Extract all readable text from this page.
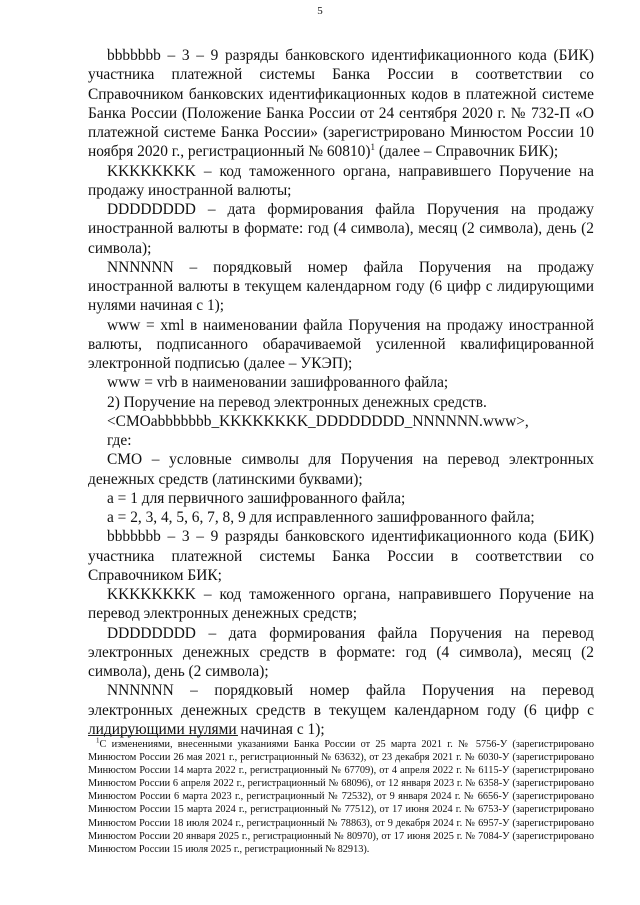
5

bbbbbbb – 3 – 9 разряды банковского идентификационного кода (БИК) участника платежной системы Банка России в соответствии со Справочником банковских идентификационных кодов в платежной системе Банка России (Положение Банка России от 24 сентября 2020 г. № 732-П «О платежной системе Банка России» (зарегистрировано Минюстом России 10 ноября 2020 г., регистрационный № 60810)$^1$ (далее – Справочник БИК);

KKKKKKKK – код таможенного органа, направившего Поручение на продажу иностранной валюты;

DDDDDDDD – дата формирования файла Поручения на продажу иностранной валюты в формате: год (4 символа), месяц (2 символа), день (2 символа);

NNNNNN – порядковый номер файла Поручения на продажу иностранной валюты в текущем календарном году (6 цифр с лидирующими нулями начиная с 1);

www = xml в наименовании файла Поручения на продажу иностранной валюты, подписанного обарачиваемой усиленной квалифицированной электронной подписью (далее – УКЭП);

www = vrb в наименовании зашифрованного файла;

2) Поручение на перевод электронных денежных средств.

<CMOabbbbbbb_KKKKKKKK_DDDDDDDD_NNNNNN.www>,

где:

CMO – условные символы для Поручения на перевод электронных денежных средств (латинскими буквами);

a = 1 для первичного зашифрованного файла;

a = 2, 3, 4, 5, 6, 7, 8, 9 для исправленного зашифрованного файла;

bbbbbbb – 3 – 9 разряды банковского идентификационного кода (БИК) участника платежной системы Банка России в соответствии со Справочником БИК;

KKKKKKKK – код таможенного органа, направившего Поручение на перевод электронных денежных средств;

DDDDDDDD – дата формирования файла Поручения на перевод электронных денежных средств в формате: год (4 символа), месяц (2 символа), день (2 символа);

NNNNNN – порядковый номер файла Поручения на перевод электронных денежных средств в текущем календарном году (6 цифр с лидирующими нулями начиная с 1);

$^1$С изменениями, внесенными указаниями Банка России от 25 марта 2021 г. № 5756-У (зарегистрировано Минюстом России 26 мая 2021 г., регистрационный № 63632), от 23 декабря 2021 г. № 6030-У (зарегистрировано Минюстом России 14 марта 2022 г., регистрационный № 67709), от 4 апреля 2022 г. № 6115-У (зарегистрировано Минюстом России 6 апреля 2022 г., регистрационный № 68096), от 12 января 2023 г. № 6358-У (зарегистрировано Минюстом России 6 марта 2023 г., регистрационный № 72532), от 9 января 2024 г. № 6656-У (зарегистрировано Минюстом России 15 марта 2024 г., регистрационный № 77512), от 17 июня 2024 г. № 6753-У (зарегистрировано Минюстом России 18 июля 2024 г., регистрационный № 78863), от 9 декабря 2024 г. № 6957-У (зарегистрировано Минюстом России 20 января 2025 г., регистрационный № 80970), от 17 июня 2025 г. № 7084-У (зарегистрировано Минюстом России 15 июля 2025 г., регистрационный № 82913).
